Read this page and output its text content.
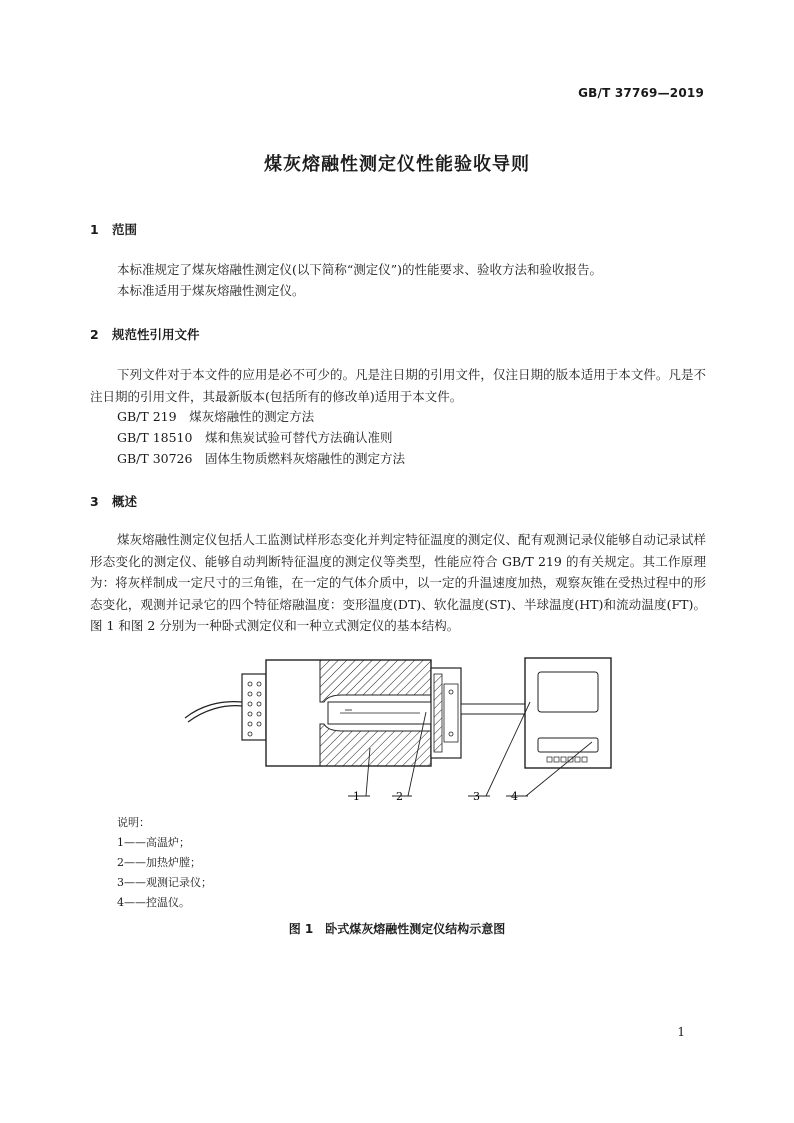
GB/T 37769—2019
煤灰熔融性测定仪性能验收导则
1 范围
本标准规定了煤灰熔融性测定仪(以下简称“测定仪”)的性能要求、验收方法和验收报告。
本标准适用于煤灰熔融性测定仪。
2 规范性引用文件
下列文件对于本文件的应用是必不可少的。凡是注日期的引用文件，仅注日期的版本适用于本文件。凡是不注日期的引用文件，其最新版本(包括所有的修改单)适用于本文件。
GB/T 219　 煤灰熔融性的测定方法
GB/T 18510　 煤和焦炭试验可替代方法确认准则
GB/T 30726　 固体生物质燃料灰熔融性的测定方法
3 概述
煤灰熔融性测定仪包括人工监测试样形态变化并判定特征温度的测定仪、配有观测记录仪能够自动记录试样形态变化的测定仪、能够自动判断特征温度的测定仪等类型，性能应符合 GB/T 219 的有关规定。其工作原理为：将灰样制成一定尺寸的三角锥，在一定的气体介质中，以一定的升温速度加热，观察灰锥在受热过程中的形态变化，观测并记录它的四个特征熔融温度：变形温度(DT)、软化温度(ST)、半球温度(HT)和流动温度(FT)。图 1 和图 2 分别为一种卧式测定仪和一种立式测定仪的基本结构。
1	2	3	4
说明：
1——高温炉；
2——加热炉膛；
3——观测记录仪；
4——控温仪。
图 1　卧式煤灰熔融性测定仪结构示意图
1
